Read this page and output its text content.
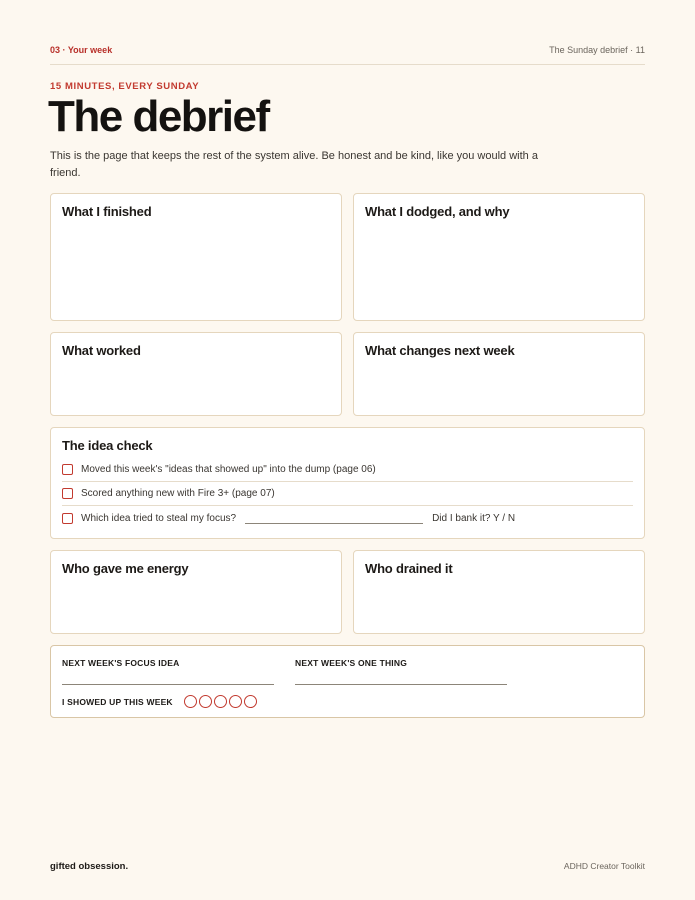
03 · Your week	The Sunday debrief · 11
15 MINUTES, EVERY SUNDAY
The debrief

This is the page that keeps the rest of the system alive. Be honest and be kind, like you would with a friend.

What I finished	What I dodged, and why
What worked	What changes next week
The idea check
Moved this week's "ideas that showed up" into the dump (page 06)
Scored anything new with Fire 3+ (page 07)
Which idea tried to steal my focus?	Did I bank it? Y / N
Who gave me energy	Who drained it
NEXT WEEK'S FOCUS IDEA	NEXT WEEK'S ONE THING
I SHOWED UP THIS WEEK
gifted obsession.	ADHD Creator Toolkit
